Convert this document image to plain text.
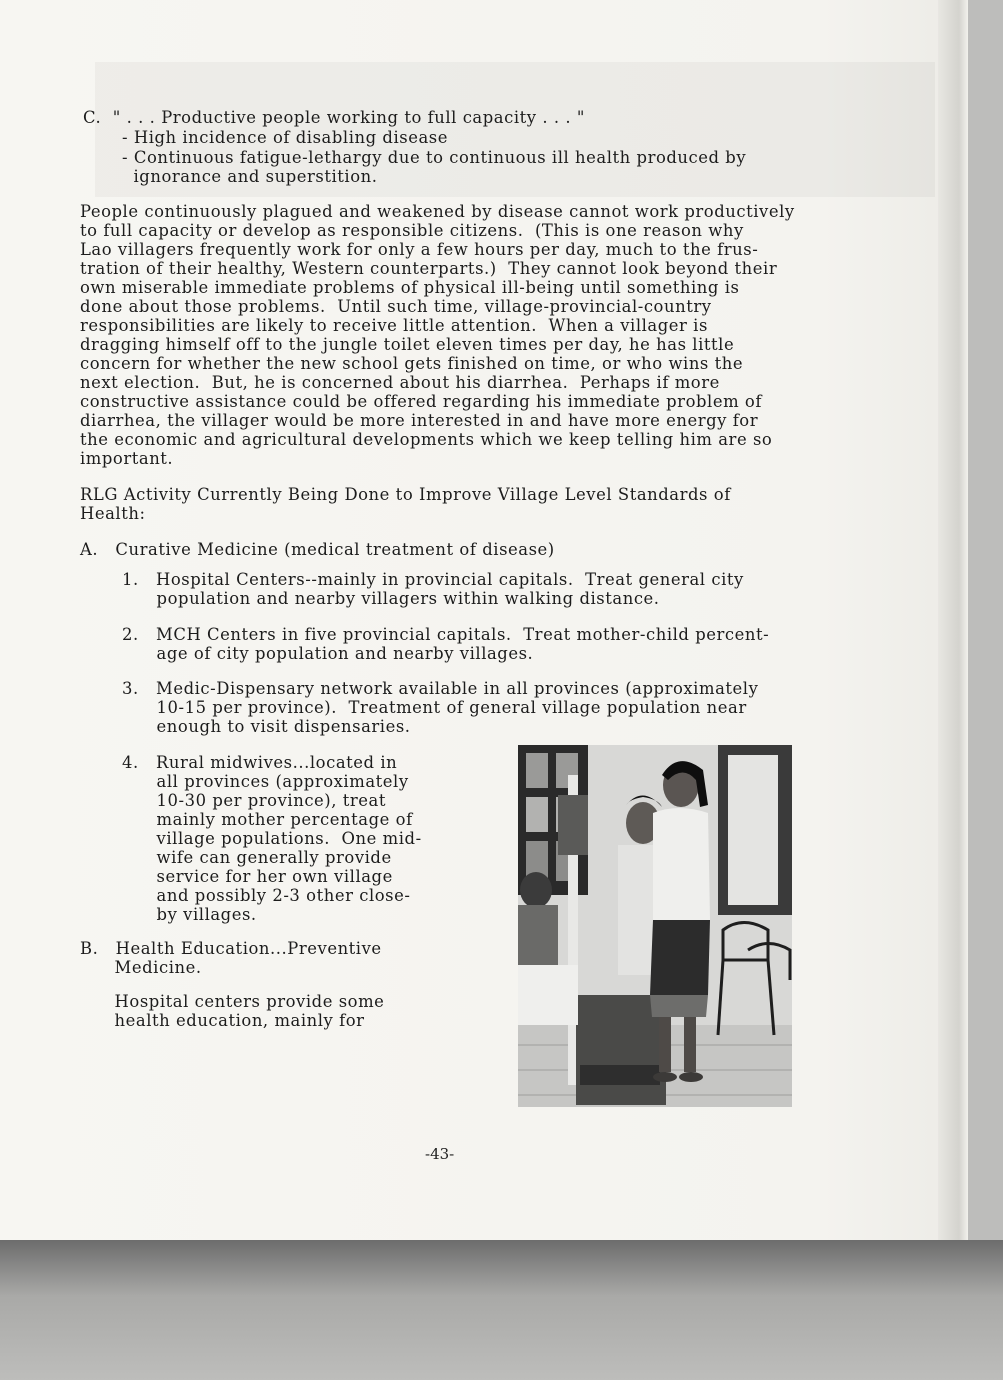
C.  " . . . Productive people working to full capacity . . . "
- High incidence of disabling disease
- Continuous fatigue-lethargy due to continuous ill health produced by
ignorance and superstition.
People continuously plagued and weakened by disease cannot work productively
to full capacity or develop as responsible citizens.  (This is one reason why
Lao villagers frequently work for only a few hours per day, much to the frus-
tration of their healthy, Western counterparts.)  They cannot look beyond their
own miserable immediate problems of physical ill-being until something is
done about those problems.  Until such time, village-provincial-country
responsibilities are likely to receive little attention.  When a villager is
dragging himself off to the jungle toilet eleven times per day, he has little
concern for whether the new school gets finished on time, or who wins the
next election.  But, he is concerned about his diarrhea.  Perhaps if more
constructive assistance could be offered regarding his immediate problem of
diarrhea, the villager would be more interested in and have more energy for
the economic and agricultural developments which we keep telling him are so
important.
RLG Activity Currently Being Done to Improve Village Level Standards of
Health:
A.   Curative Medicine (medical treatment of disease)
1.   Hospital Centers--mainly in provincial capitals.  Treat general city
population and nearby villagers within walking distance.
2.   MCH Centers in five provincial capitals.  Treat mother-child percent-
age of city population and nearby villages.
3.   Medic-Dispensary network available in all provinces (approximately
10-15 per province).  Treatment of general village population near
enough to visit dispensaries.
4.   Rural midwives...located in
all provinces (approximately
10-30 per province), treat
mainly mother percentage of
village populations.  One mid-
wife can generally provide
service for her own village
and possibly 2-3 other close-
by villages.
B.   Health Education...Preventive
Medicine.
Hospital centers provide some
health education, mainly for
-43-
